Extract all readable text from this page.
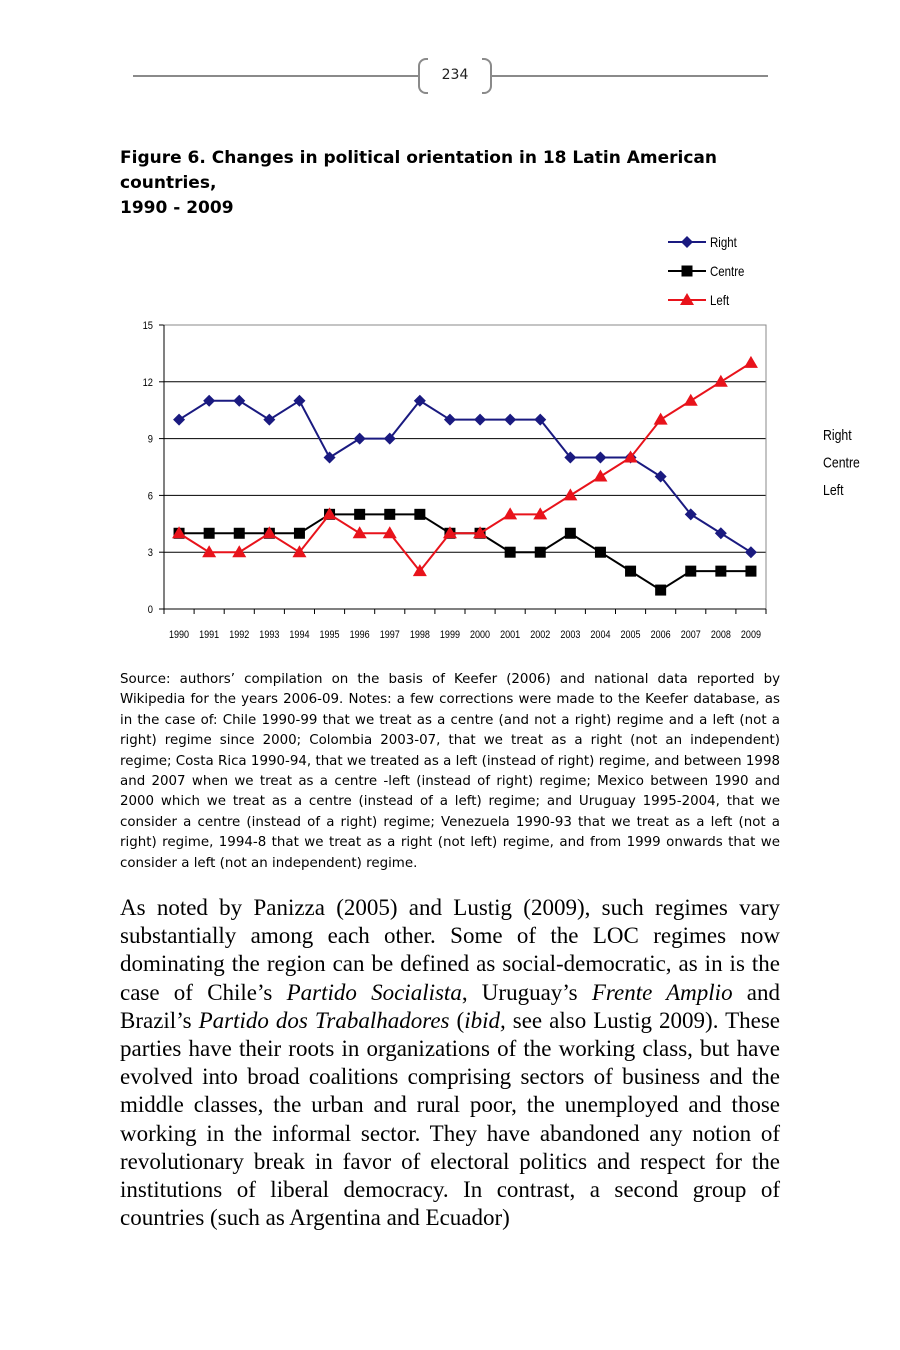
234
Figure 6. Changes in political orientation in 18 Latin American countries,
1990 - 2009
0
3
6
9
12
15
1990 1991 1992 1993 1994 1995 1996 1997 1998 1999 2000 2001 2002 2003 2004 2005 2006 2007 2008 2009
Right
Centre
Left
Right
Centre
Left
Source: authors’ compilation on the basis of Keefer (2006) and national data reported by Wikipedia for the years 2006-09. Notes: a few corrections were made to the Keefer database, as in the case of: Chile 1990-99 that we treat as a centre (and not a right) regime and a left (not a right) regime since 2000; Colombia 2003-07, that we treat as a right (not an independent) regime; Costa Rica 1990-94, that we treated as a left (instead of right) regime, and between 1998 and 2007 when we treat as a centre -left (instead of right) regime; Mexico between 1990 and 2000 which we treat as a centre (instead of a left) regime; and Uruguay 1995-2004, that we consider a centre (instead of a right) regime; Venezuela 1990-93 that we treat as a left (not a right) regime, 1994-8 that we treat as a right (not left) regime, and from 1999 onwards that we consider a left (not an independent) regime.
As noted by Panizza (2005) and Lustig (2009), such regimes vary substantially among each other. Some of the LOC regimes now dominating the region can be defined as social-democratic, as in is the case of Chile’s Partido Socialista, Uruguay’s Frente Amplio and Brazil’s Partido dos Trabalhadores (ibid, see also Lustig 2009). These parties have their roots in organizations of the working class, but have evolved into broad coalitions comprising sectors of business and the middle classes, the urban and rural poor, the unemployed and those working in the informal sector. They have abandoned any notion of revolutionary break in favor of electoral politics and respect for the institutions of liberal democracy. In contrast, a second group of countries (such as Argentina and Ecuador)
